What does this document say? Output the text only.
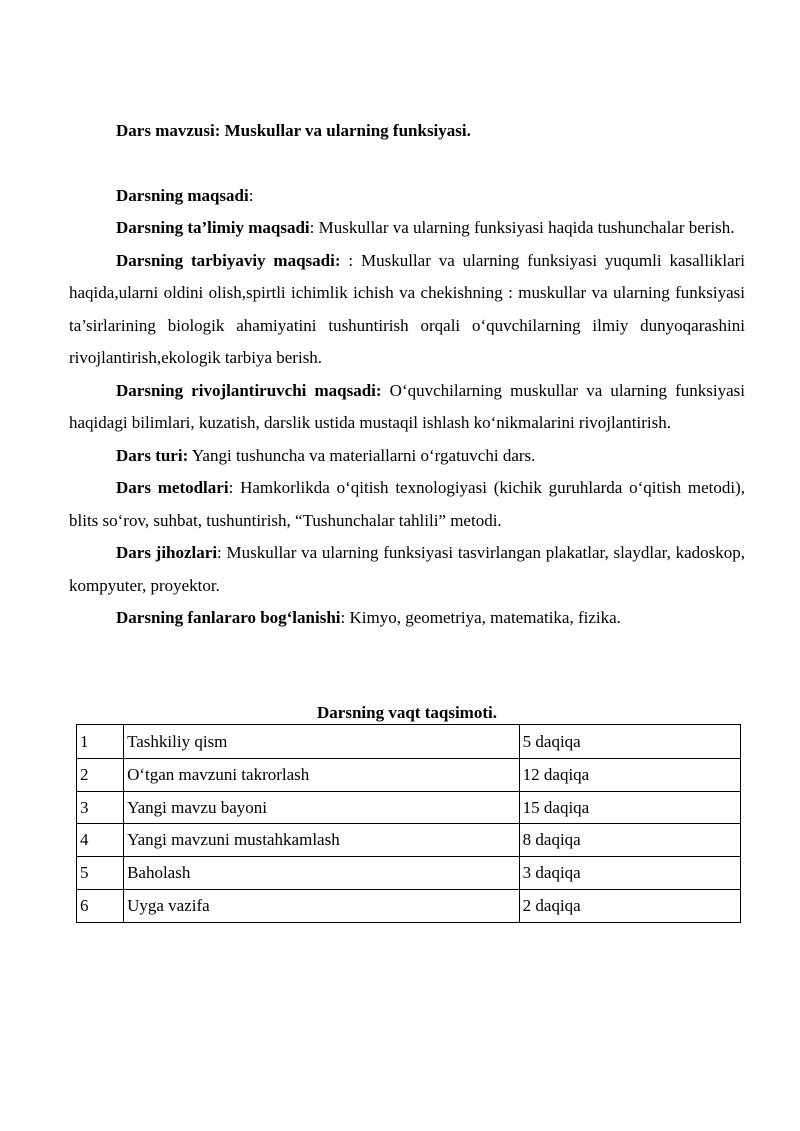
Dars mavzusi: Muskullar va ularning funksiyasi.

Darsning maqsadi:

Darsning ta’limiy maqsadi: Muskullar va ularning funksiyasi haqida tushunchalar berish.

Darsning tarbiyaviy maqsadi: : Muskullar va ularning funksiyasi yuqumli kasalliklari haqida,ularni oldini olish,spirtli ichimlik ichish va chekishning : muskullar va ularning funksiyasi ta’sirlarining biologik ahamiyatini tushuntirish orqali o‘quvchilarning ilmiy dunyoqarashini rivojlantirish,ekologik tarbiya berish.

Darsning rivojlantiruvchi maqsadi: O‘quvchilarning muskullar va ularning funksiyasi haqidagi bilimlari, kuzatish, darslik ustida mustaqil ishlash ko‘nikmalarini rivojlantirish.

Dars turi: Yangi tushuncha va materiallarni o‘rgatuvchi dars.

Dars metodlari: Hamkorlikda o‘qitish texnologiyasi (kichik guruhlarda o‘qitish metodi), blits so‘rov, suhbat, tushuntirish, “Tushunchalar tahlili” metodi.

Dars jihozlari: Muskullar va ularning funksiyasi tasvirlangan plakatlar, slaydlar, kadoskop, kompyuter, proyektor.

Darsning fanlararo bog‘lanishi: Kimyo, geometriya, matematika, fizika.

Darsning vaqt taqsimoti.
1	Tashkiliy qism	5 daqiqa
2	O‘tgan mavzuni takrorlash	12 daqiqa
3	Yangi mavzu bayoni	15 daqiqa
4	Yangi mavzuni mustahkamlash	8 daqiqa
5	Baholash	3 daqiqa
6	Uyga vazifa	2 daqiqa
